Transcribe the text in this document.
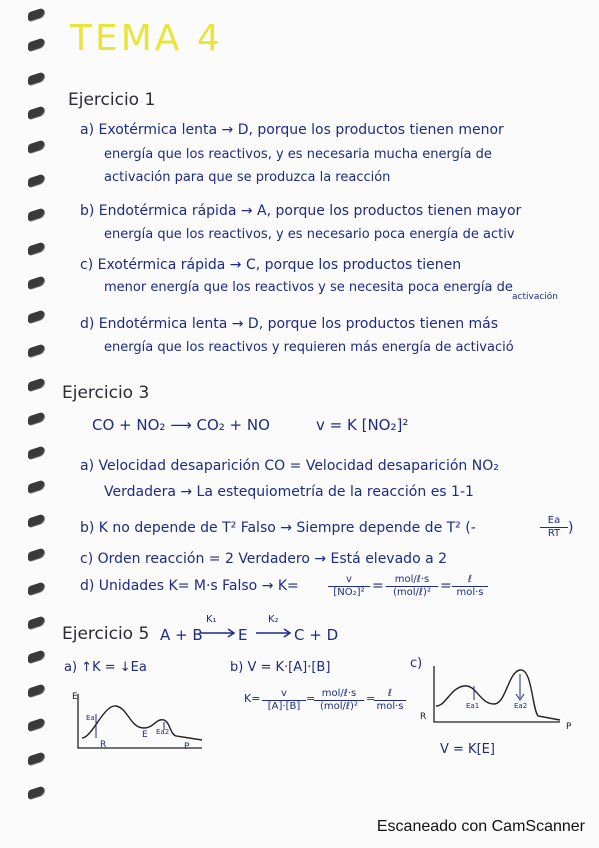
TEMA 4
Ejercicio 1
a) Exotérmica lenta → D, porque los productos tienen menor
energía que los reactivos, y es necesaria mucha energía de
activación para que se produzca la reacción
b) Endotérmica rápida → A, porque los productos tienen mayor
energía que los reactivos, y es necesario poca energía de activ
c) Exotérmica rápida → C, porque los productos tienen
menor energía que los reactivos y se necesita poca energía de
activación
d) Endotérmica lenta → D, porque los productos tienen más
energía que los reactivos y requieren más energía de activació
Ejercicio 3
CO + NO₂ ⟶ CO₂ + NO	v = K [NO₂]²
a) Velocidad desaparición CO = Velocidad desaparición NO₂
Verdadera → La estequiometría de la reacción es 1-1
b) K no depende de T² Falso → Siempre depende de T² (-	$\frac{Ea}{RT}$ )
c) Orden reacción = 2 Verdadero → Está elevado a 2
d) Unidades K= M·s Falso → K=	$\frac{v}{\text{[NO₂]²}}$ =	mol/ℓ·s
(mol/ℓ)² =	ℓ
mol·s
Ejercicio 5 A + B
K₁
E
K₂
C + D
a) ↑K = ↓Ea
E
Ea
R
E Ea2
P
b) V = K·[A]·[B]
$K= \frac{v}{[A]\cdot[B]}$ = mol/ℓ·s
(mol/ℓ)²
=	ℓ
mol·s
c)
R
Ea1	Ea2
P
V = K[E]
Escaneado con CamScanner
